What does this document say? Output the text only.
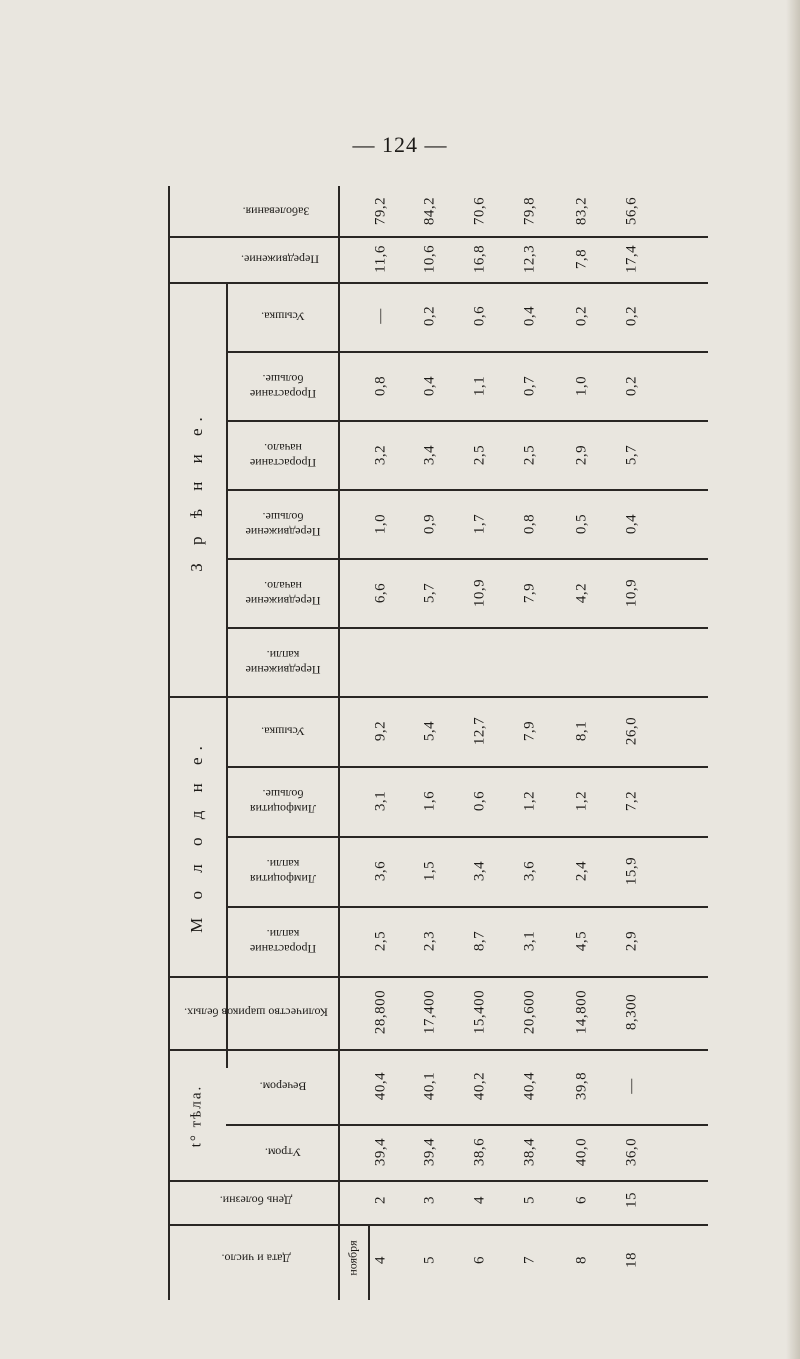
— 124 —
Заболевания.
Передвижение.
Усышка.
Прорастание больше.
Прорастание начало.
Передвижение больше.
Передвижение начало.
Передвижение капли.
Усышка.
Лимфоцития больше.
Лимфоцития капли.
Прорастание капли.
Количество шариков белых.
Вечером.
Утром.
З р ѣ н и е.
М о л о д н е.
t° тѣла.
79,2 84,2 70,6 79,8 83,2 56,6
11,6 10,6 16,8 12,3 7,8 17,4
— 0,2 0,6 0,4 0,2 0,2
0,8 0,4 1,1 0,7 1,0 0,2
3,2 3,4 2,5 2,5 2,9 5,7
1,0 0,9 1,7 0,8 0,5 0,4
6,6 5,7 10,9 7,9 4,2 10,9
9,2 5,4 12,7 7,9 8,1 26,0
3,1 1,6 0,6 1,2 1,2 7,2
3,6 1,5 3,4 3,6 2,4 15,9
2,5 2,3 8,7 3,1 4,5 2,9
28,800 17,400 15,400 20,600 14,800 8,300
40,4 40,1 40,2 40,4 39,8 —
39,4 39,4 38,6 38,4 40,0 36,0
День болезни.
Дата и число.	ноября
2 3 4 5 6 15
4 5 6 7 8 18
